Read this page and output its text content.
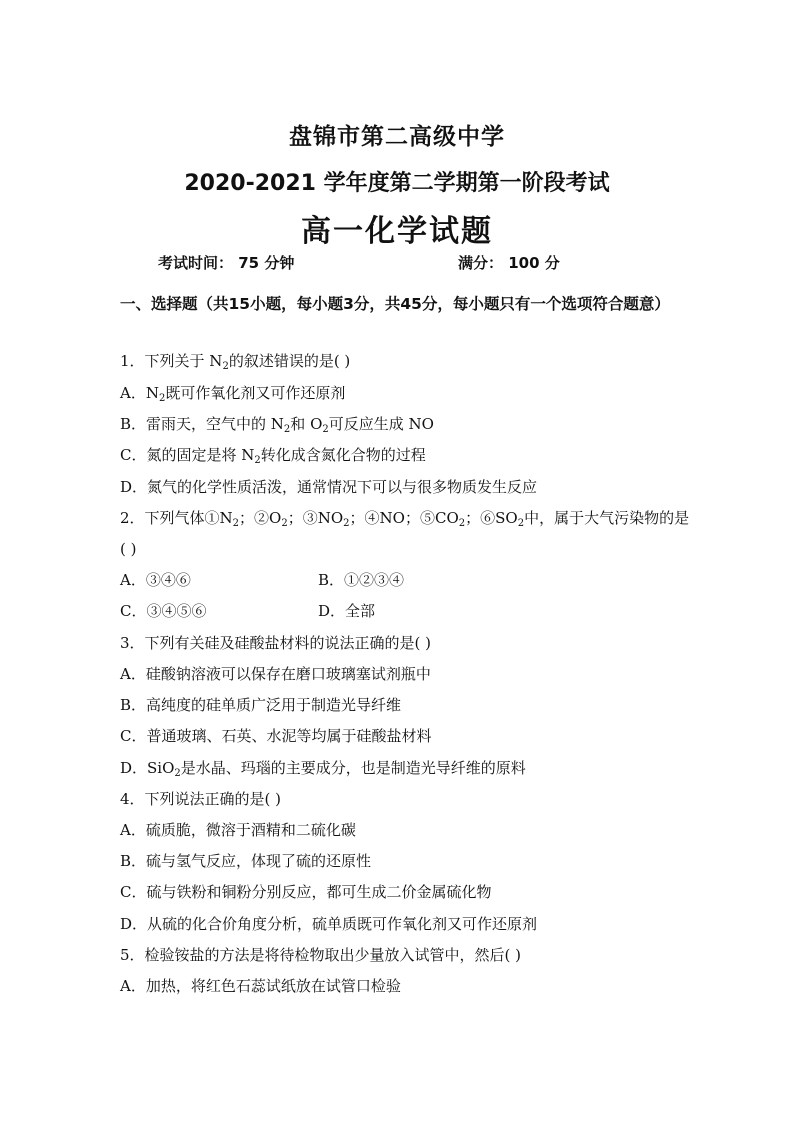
盘锦市第二高级中学
2020-2021 学年度第二学期第一阶段考试
高一化学试题
考试时间： 75 分钟	满分： 100 分
一、选择题（共15小题，每小题3分，共45分，每小题只有一个选项符合题意）
1．下列关于 $N_2$的叙述错误的是( )
A．$N_2$既可作氧化剂又可作还原剂
B．雷雨天，空气中的 $N_2$和 $O_2$可反应生成 NO
C．氮的固定是将 $N_2$转化成含氮化合物的过程
D．氮气的化学性质活泼，通常情况下可以与很多物质发生反应
2．下列气体$①N_2$；$②O_2$；$③NO_2$；④NO；$⑤CO_2$；$⑥SO_2$中，属于大气污染物的是
( )
A．③④⑥	B．①②③④
C．③④⑤⑥	D．全部
3．下列有关硅及硅酸盐材料的说法正确的是( )
A．硅酸钠溶液可以保存在磨口玻璃塞试剂瓶中
B．高纯度的硅单质广泛用于制造光导纤维
C．普通玻璃、石英、水泥等均属于硅酸盐材料
D．SiO$_2$是水晶、玛瑙的主要成分，也是制造光导纤维的原料
4．下列说法正确的是( )
A．硫质脆，微溶于酒精和二硫化碳
B．硫与氢气反应，体现了硫的还原性
C．硫与铁粉和铜粉分别反应，都可生成二价金属硫化物
D．从硫的化合价角度分析，硫单质既可作氧化剂又可作还原剂
5．检验铵盐的方法是将待检物取出少量放入试管中，然后( )
A．加热，将红色石蕊试纸放在试管口检验
